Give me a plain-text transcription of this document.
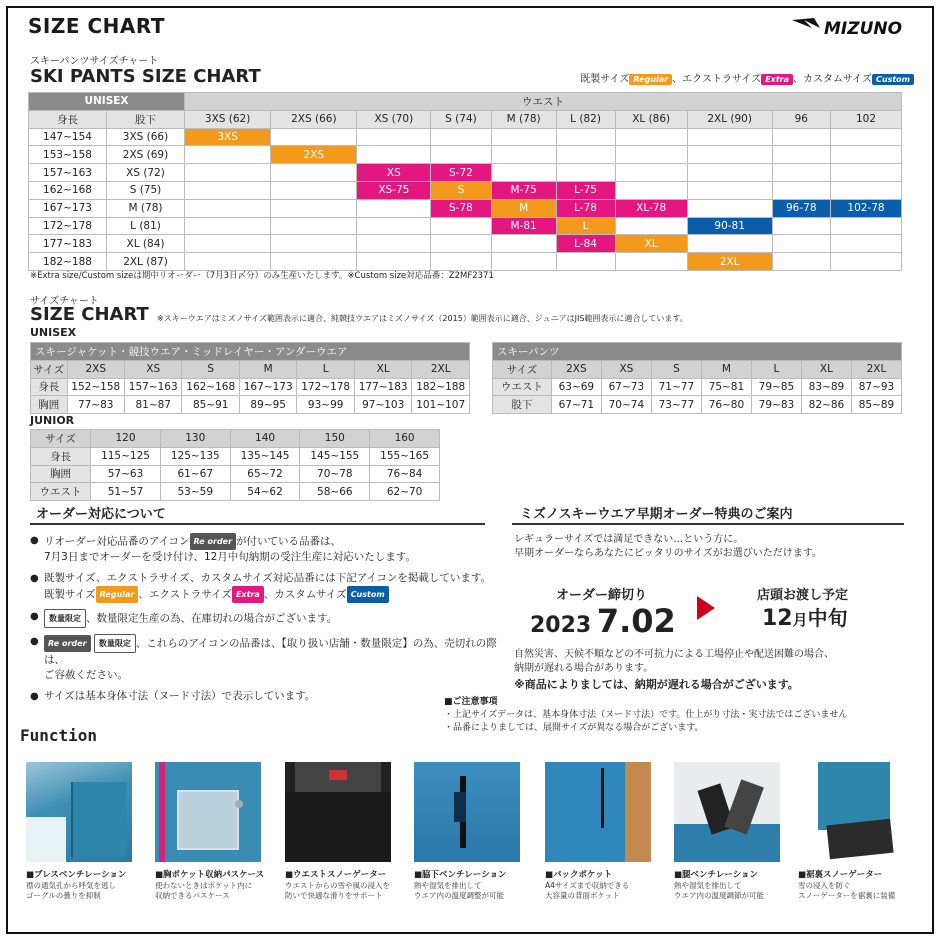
SIZE CHART	MIZUNO
スキーパンツサイズチャート
SKI PANTS SIZE CHART	既製サイズ Regular 、エクストラサイズ Extra 、カスタムサイズ Custom
UNISEX		ウエスト									
身長	股下	3XS (62)	2XS (66)	XS (70)	S (74)	M (78)	L (82)	XL (86)	2XL (90)	96	102
147~154	3XS (66)	3XS									
153~158	2XS (69)		2XS								
157~163	XS (72)			XS	S-72						
162~168	S (75)			XS-75	S	M-75	L-75				
167~173	M (78)				S-78	M	L-78	XL-78		96-78	102-78
172~178	L (81)					M-81	L		90-81		
177~183	XL (84)						L-84	XL			
182~188	2XL (87)								2XL		
※Extra size/Custom sizeは期中リオーダー（7月3日〆分）のみ生産いたします。※Custom size対応品番：Z2MF2371
サイズチャート
SIZE CHART ※スキーウエアはミズノサイズ範囲表示に適合、純競技ウエアはミズノサイズ（2015）範囲表示に適合、ジュニアはJIS範囲表示に適合しています。
UNISEX
スキージャケット・競技ウエア・ミッドレイヤー・アンダーウエア							
サイズ	2XS	XS	S	M	L	XL	2XL
身長	152~158	157~163	162~168	167~173	172~178	177~183	182~188
胸囲	77~83	81~87	85~91	89~95	93~99	97~103	101~107
スキーパンツ							
サイズ	2XS	XS	S	M	L	XL	2XL
ウエスト	63~69	67~73	71~77	75~81	79~85	83~89	87~93
股下	67~71	70~74	73~77	76~80	79~83	82~86	85~89
JUNIOR
サイズ	120	130	140	150	160
身長	115~125	125~135	135~145	145~155	155~165
胸囲	57~63	61~67	65~72	70~78	76~84
ウエスト	51~57	53~59	54~62	58~66	62~70
オーダー対応について
● リオーダー対応品番のアイコン Re order が付いている品番は、
7月3日までオーダーを受け付け、12月中旬納期の受注生産に対応いたします。
● 既製サイズ、エクストラサイズ、カスタムサイズ対応品番には下記アイコンを掲載しています。
既製サイズ Regular 、エクストラサイズ Extra 、カスタムサイズ Custom
● 数量限定 、数量限定生産の為、在庫切れの場合がございます。
● Re order 数量限定 、これらのアイコンの品番は、【取り扱い店舗・数量限定】の為、売切れの際は、
ご容赦ください。
● サイズは基本身体寸法（ヌード寸法）で表示しています。
ミズノスキーウエア早期オーダー特典のご案内
レギュラーサイズでは満足できない…という方に。
早期オーダーならあなたにピッタリのサイズがお選びいただけます。
オーダー締切り
2023 7.02
店頭お渡し予定
12月中旬
自然災害、天候不順などの不可抗力による工場停止や配送困難の場合、
納期が遅れる場合があります。
※商品によりましては、納期が遅れる場合がございます。
■ご注意事項
・上記サイズデータは、基本身体寸法（ヌード寸法）です。仕上がり寸法・実寸法ではございません
・品番によりましては、展開サイズが異なる場合がございます。
Function
■ブレスベンチレーション
襟の通気孔から呼気を逃し
ゴーグルの曇りを抑制
■胸ポケット収納パスケース
使わないときはポケット内に
収納できるパスケース
■ウエストスノーゲーター
ウエストからの雪や風の浸入を
防いで快適な滑りをサポート
■脇下ベンチレーション
熱や湿気を排出して
ウエア内の温度調整が可能
■バックポケット
A4サイズまで収納できる
大容量の背面ポケット
■腿ベンチレーション
熱や湿気を排出して
ウエア内の温度調節が可能
■裾裏スノーゲーター
雪の浸入を防ぐ
スノーゲーターを裾裏に装備
